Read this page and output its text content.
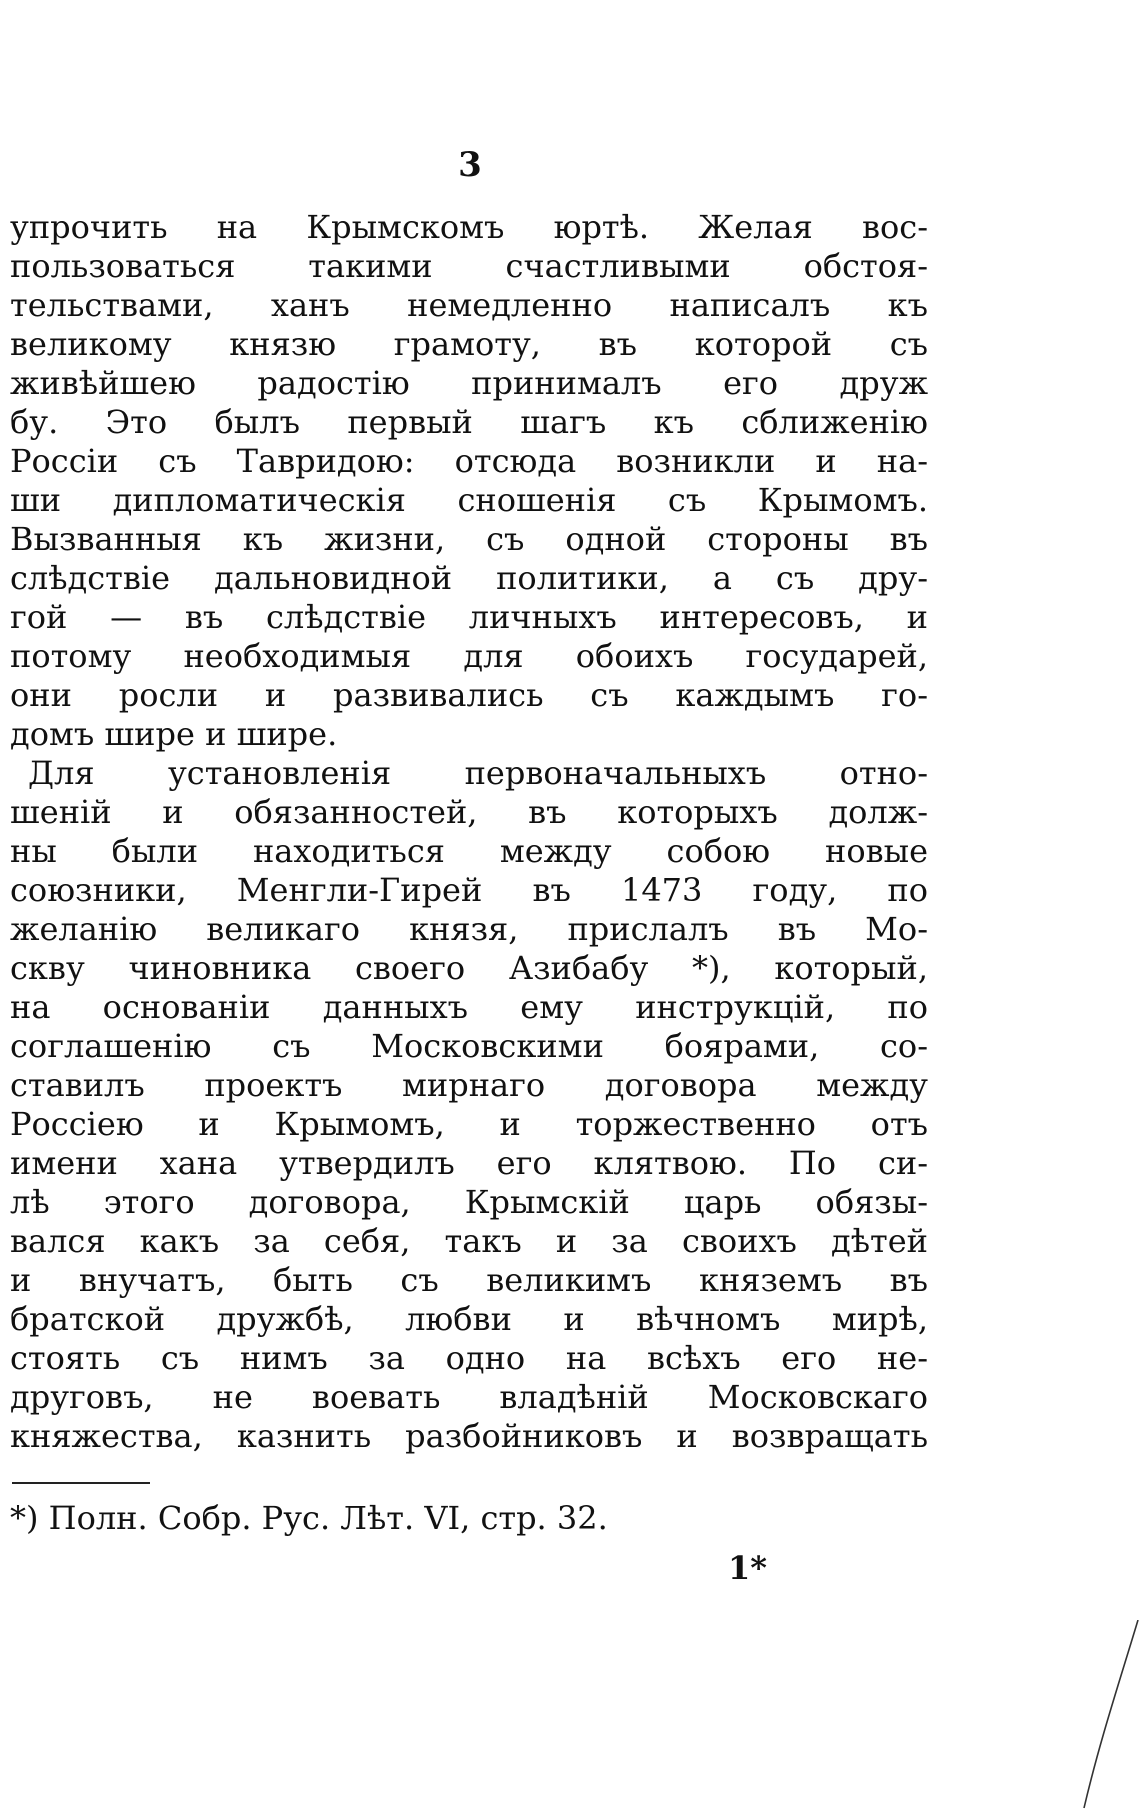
3
упрочить на Крымскомъ юртѣ. Желая вос-
пользоваться такими счастливыми обстоя-
тельствами, ханъ немедленно написалъ къ
великому князю грамоту, въ которой съ
живѣйшею радостію принималъ его друж
бу. Это былъ первый шагъ къ сближенію
Россіи съ Тавридою: отсюда возникли и на-
ши дипломатическія сношенія съ Крымомъ.
Вызванныя къ жизни, съ одной стороны въ
слѣдствіе дальновидной политики, а съ дру-
гой — въ слѣдствіе личныхъ интересовъ, и
потому необходимыя для обоихъ государей,
они росли и развивались съ каждымъ го-
домъ шире и шире.
Для установленія первоначальныхъ отно-
шеній и обязанностей, въ которыхъ долж-
ны были находиться между собою новые
союзники, Менгли-Гирей въ 1473 году, по
желанію великаго князя, прислалъ въ Мо-
скву чиновника своего Азибабу *), который,
на основаніи данныхъ ему инструкцій, по
соглашенію съ Московскими боярами, со-
ставилъ проектъ мирнаго договора между
Россіею и Крымомъ, и торжественно отъ
имени хана утвердилъ его клятвою. По си-
лѣ этого договора, Крымскій царь обязы-
вался какъ за себя, такъ и за своихъ дѣтей
и внучатъ, быть съ великимъ княземъ въ
братской дружбѣ, любви и вѣчномъ мирѣ,
стоять съ нимъ за одно на всѣхъ его не-
друговъ, не воевать владѣній Московскаго
княжества, казнить разбойниковъ и возвращать
*) Полн. Собр. Рус. Лѣт. VI, стр. 32.
1*
